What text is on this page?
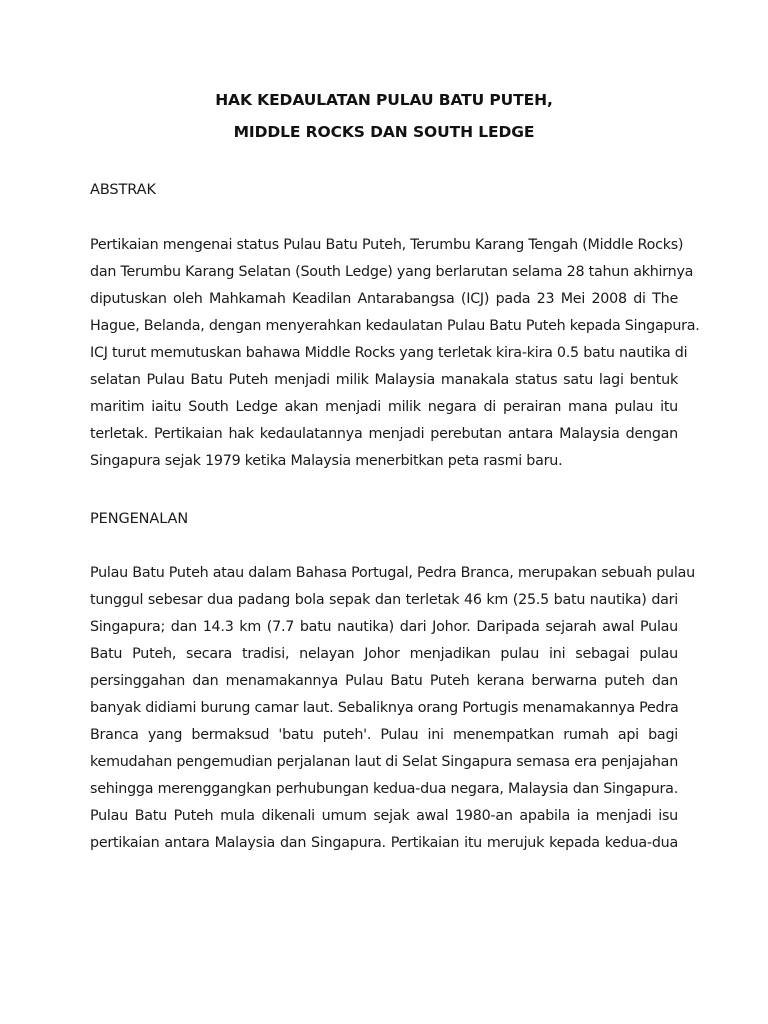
HAK KEDAULATAN PULAU BATU PUTEH,
MIDDLE ROCKS DAN SOUTH LEDGE
ABSTRAK
Pertikaian mengenai status Pulau Batu Puteh, Terumbu Karang Tengah (Middle Rocks)
dan Terumbu Karang Selatan (South Ledge) yang berlarutan selama 28 tahun akhirnya
diputuskan oleh Mahkamah Keadilan Antarabangsa (ICJ) pada 23 Mei 2008 di The
Hague, Belanda, dengan menyerahkan kedaulatan Pulau Batu Puteh kepada Singapura.
ICJ turut memutuskan bahawa Middle Rocks yang terletak kira-kira 0.5 batu nautika di
selatan Pulau Batu Puteh menjadi milik Malaysia manakala status satu lagi bentuk
maritim iaitu South Ledge akan menjadi milik negara di perairan mana pulau itu
terletak. Pertikaian hak kedaulatannya menjadi perebutan antara Malaysia dengan
Singapura sejak 1979 ketika Malaysia menerbitkan peta rasmi baru.
PENGENALAN
Pulau Batu Puteh atau dalam Bahasa Portugal, Pedra Branca, merupakan sebuah pulau
tunggul sebesar dua padang bola sepak dan terletak 46 km (25.5 batu nautika) dari
Singapura; dan 14.3 km (7.7 batu nautika) dari Johor. Daripada sejarah awal Pulau
Batu Puteh, secara tradisi, nelayan Johor menjadikan pulau ini sebagai pulau
persinggahan dan menamakannya Pulau Batu Puteh kerana berwarna puteh dan
banyak didiami burung camar laut. Sebaliknya orang Portugis menamakannya Pedra
Branca yang bermaksud 'batu puteh'. Pulau ini menempatkan rumah api bagi
kemudahan pengemudian perjalanan laut di Selat Singapura semasa era penjajahan
sehingga merenggangkan perhubungan kedua-dua negara, Malaysia dan Singapura.
Pulau Batu Puteh mula dikenali umum sejak awal 1980-an apabila ia menjadi isu
pertikaian antara Malaysia dan Singapura. Pertikaian itu merujuk kepada kedua-dua
